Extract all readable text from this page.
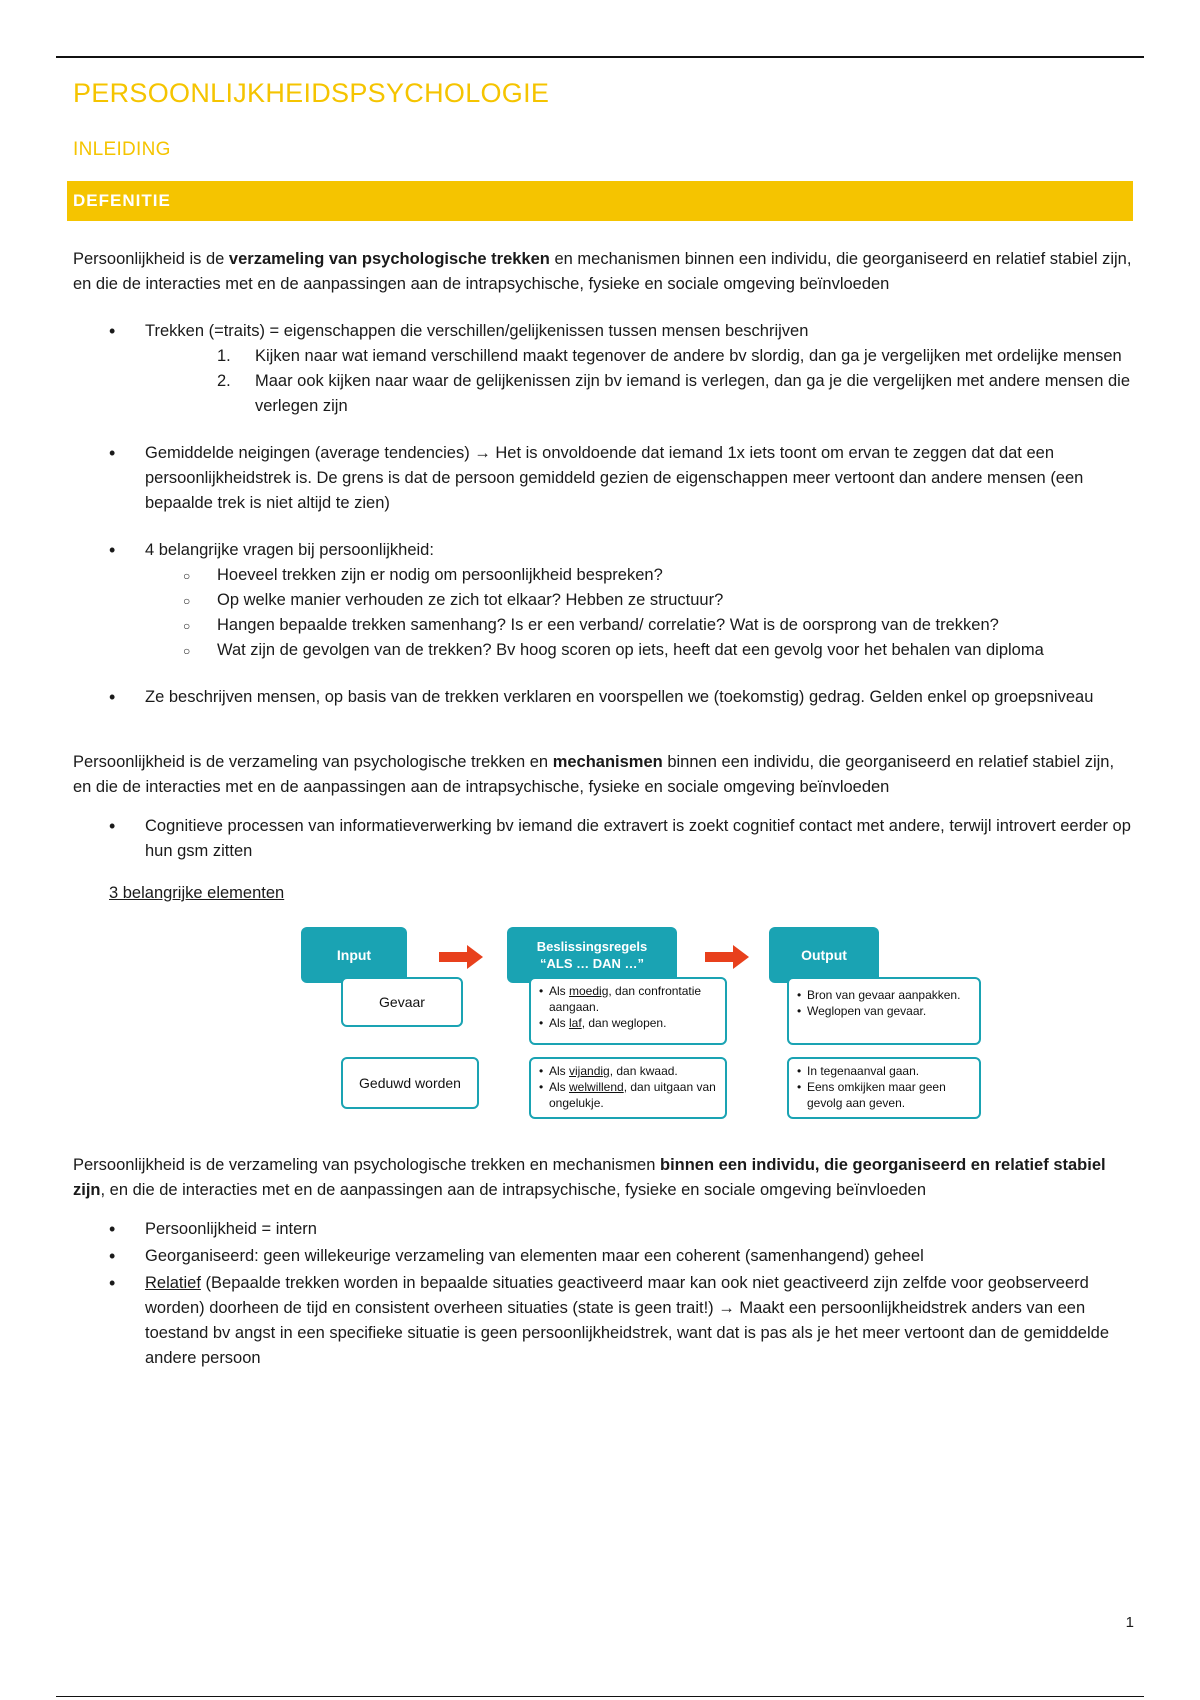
PERSOONLIJKHEIDSPSYCHOLOGIE
INLEIDING
DEFENITIE

Persoonlijkheid is de verzameling van psychologische trekken en mechanismen binnen een individu, die georganiseerd en relatief stabiel zijn, en die de interacties met en de aanpassingen aan de intrapsychische, fysieke en sociale omgeving beïnvloeden

• Trekken (=traits) = eigenschappen die verschillen/gelijkenissen tussen mensen beschrijven
1. Kijken naar wat iemand verschillend maakt tegenover de andere bv slordig, dan ga je vergelijken met ordelijke mensen
2. Maar ook kijken naar waar de gelijkenissen zijn bv iemand is verlegen, dan ga je die vergelijken met andere mensen die verlegen zijn
• Gemiddelde neigingen (average tendencies) → Het is onvoldoende dat iemand 1x iets toont om ervan te zeggen dat dat een persoonlijkheidstrek is. De grens is dat de persoon gemiddeld gezien de eigenschappen meer vertoont dan andere mensen (een bepaalde trek is niet altijd te zien)
• 4 belangrijke vragen bij persoonlijkheid:
○ Hoeveel trekken zijn er nodig om persoonlijkheid bespreken?
○ Op welke manier verhouden ze zich tot elkaar? Hebben ze structuur?
○ Hangen bepaalde trekken samenhang? Is er een verband/ correlatie? Wat is de oorsprong van de trekken?
○ Wat zijn de gevolgen van de trekken? Bv hoog scoren op iets, heeft dat een gevolg voor het behalen van diploma
• Ze beschrijven mensen, op basis van de trekken verklaren en voorspellen we (toekomstig) gedrag. Gelden enkel op groepsniveau

Persoonlijkheid is de verzameling van psychologische trekken en mechanismen binnen een individu, die georganiseerd en relatief stabiel zijn, en die de interacties met en de aanpassingen aan de intrapsychische, fysieke en sociale omgeving beïnvloeden

• Cognitieve processen van informatieverwerking bv iemand die extravert is zoekt cognitief contact met andere, terwijl introvert eerder op hun gsm zitten
3 belangrijke elementen
Input
Gevaar
Geduwd worden
Beslissingsregels
“ALS … DAN …”
• Als moedig, dan confrontatie aangaan.
• Als laf, dan weglopen.
• Als vijandig, dan kwaad.
• Als welwillend, dan uitgaan van ongelukje.
Output
• Bron van gevaar aanpakken.
• Weglopen van gevaar.
• In tegenaanval gaan.
• Eens omkijken maar geen gevolg aan geven.

Persoonlijkheid is de verzameling van psychologische trekken en mechanismen binnen een individu, die georganiseerd en relatief stabiel zijn, en die de interacties met en de aanpassingen aan de intrapsychische, fysieke en sociale omgeving beïnvloeden

• Persoonlijkheid = intern
• Georganiseerd: geen willekeurige verzameling van elementen maar een coherent (samenhangend) geheel
• Relatief (Bepaalde trekken worden in bepaalde situaties geactiveerd maar kan ook niet geactiveerd zijn zelfde voor geobserveerd worden) doorheen de tijd en consistent overheen situaties (state is geen trait!) → Maakt een persoonlijkheidstrek anders van een toestand bv angst in een specifieke situatie is geen persoonlijkheidstrek, want dat is pas als je het meer vertoont dan de gemiddelde andere persoon
1
